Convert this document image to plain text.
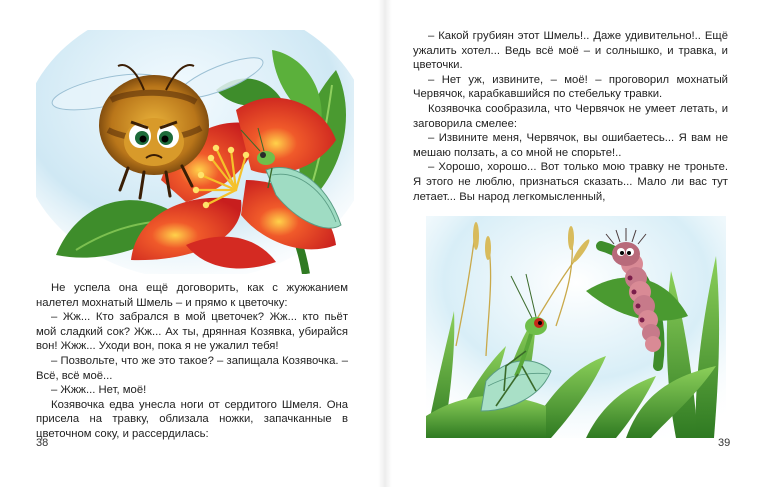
Не успела она ещё договорить, как с жужжанием налетел мохнатый Шмель – и прямо к цветочку:

– Жж... Кто забрался в мой цветочек? Жж... кто пьёт мой сладкий сок? Жж... Ах ты, дрянная Козявка, убирайся вон! Жжж... Уходи вон, пока я не ужалил тебя!

– Позвольте, что же это такое? – запищала Козявочка. – Всё, всё моё...

– Жжж... Нет, моё!

Козявочка едва унесла ноги от сердитого Шмеля. Она присела на травку, облизала ножки, запачканные в цветочном соку, и рассердилась:

38

– Какой грубиян этот Шмель!.. Даже удивительно!.. Ещё ужалить хотел... Ведь всё моё – и солнышко, и травка, и цветочки.

– Нет уж, извините, – моё! – проговорил мохнатый Червячок, карабкавшийся по стебельку травки.

Козявочка сообразила, что Червячок не умеет летать, и заговорила смелее:

– Извините меня, Червячок, вы ошибаетесь... Я вам не мешаю ползать, а со мной не спорьте!..

– Хорошо, хорошо... Вот только мою травку не троньте. Я этого не люблю, признаться сказать... Мало ли вас тут летает... Вы народ легкомысленный,

39
